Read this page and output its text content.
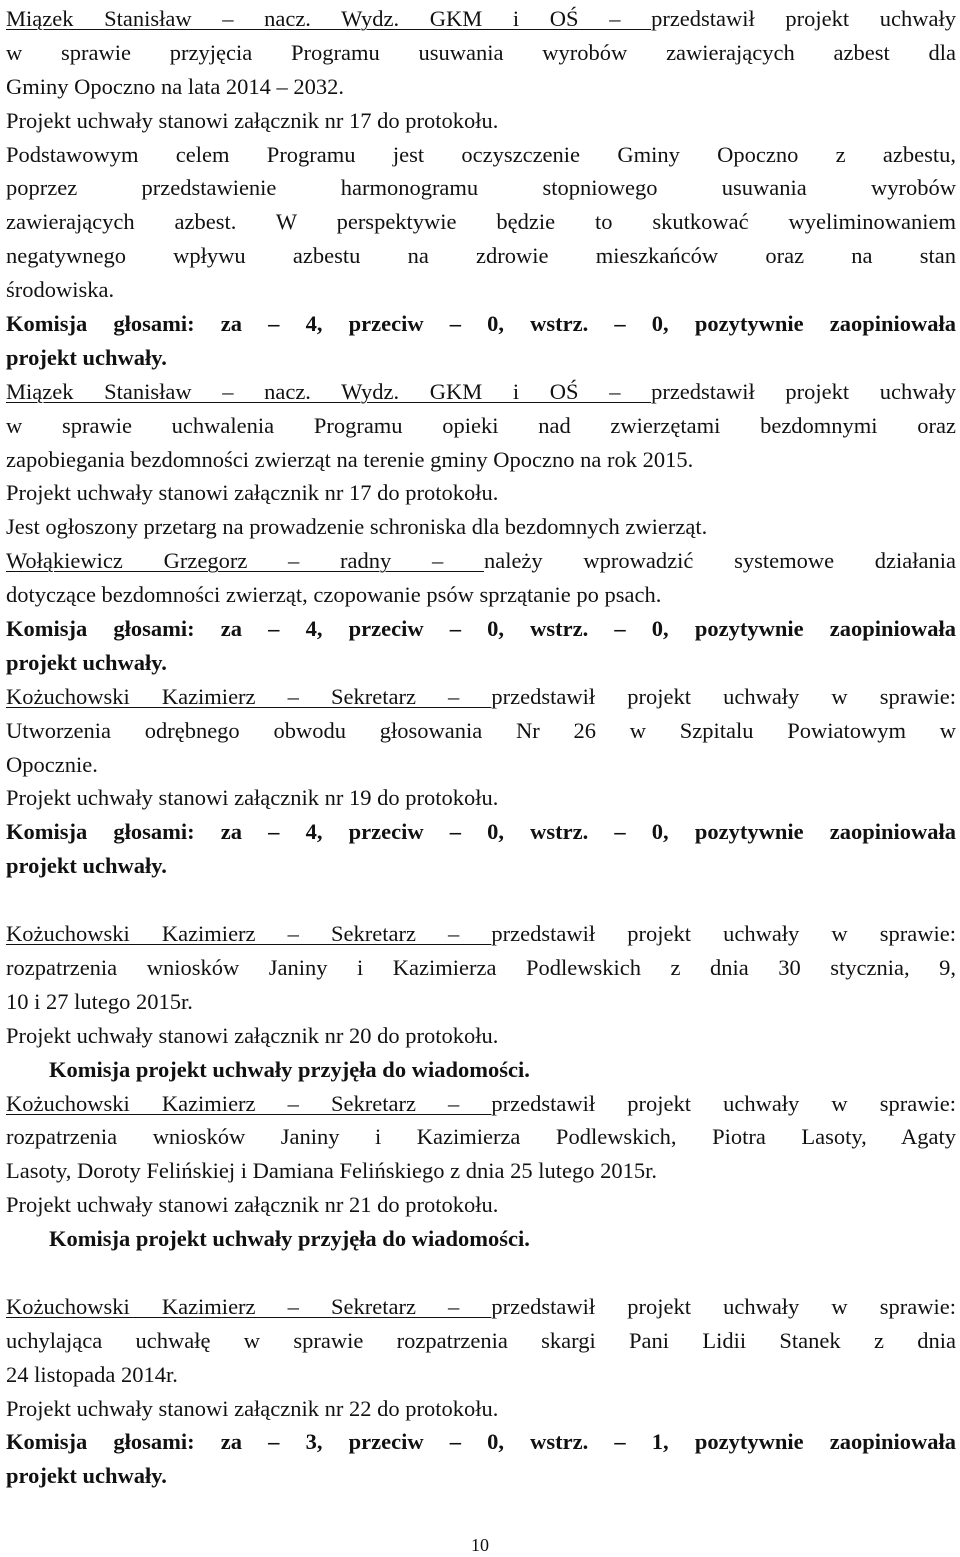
Miązek Stanisław – nacz. Wydz. GKM i OŚ – przedstawił projekt uchwały
w sprawie przyjęcia Programu usuwania wyrobów zawierających azbest dla
Gminy Opoczno na lata 2014 – 2032.
Projekt uchwały stanowi załącznik nr 17 do protokołu.
Podstawowym celem Programu jest oczyszczenie Gminy Opoczno z azbestu,
poprzez przedstawienie harmonogramu stopniowego usuwania wyrobów
zawierających azbest. W perspektywie będzie to skutkować wyeliminowaniem
negatywnego wpływu azbestu na zdrowie mieszkańców oraz na stan
środowiska.
Komisja głosami: za – 4, przeciw – 0, wstrz. – 0, pozytywnie zaopiniowała
projekt uchwały.
Miązek Stanisław – nacz. Wydz. GKM i OŚ – przedstawił projekt uchwały
w sprawie uchwalenia Programu opieki nad zwierzętami bezdomnymi oraz
zapobiegania bezdomności zwierząt na terenie gminy Opoczno na rok 2015.
Projekt uchwały stanowi załącznik nr 17 do protokołu.
Jest ogłoszony przetarg na prowadzenie schroniska dla bezdomnych zwierząt.
Wołąkiewicz Grzegorz – radny – należy wprowadzić systemowe działania
dotyczące bezdomności zwierząt, czopowanie psów sprzątanie po psach.
Komisja głosami: za – 4, przeciw – 0, wstrz. – 0, pozytywnie zaopiniowała
projekt uchwały.
Kożuchowski Kazimierz – Sekretarz – przedstawił projekt uchwały w sprawie:
Utworzenia odrębnego obwodu głosowania Nr 26 w Szpitalu Powiatowym w
Opocznie.
Projekt uchwały stanowi załącznik nr 19 do protokołu.
Komisja głosami: za – 4, przeciw – 0, wstrz. – 0, pozytywnie zaopiniowała
projekt uchwały.
Kożuchowski Kazimierz – Sekretarz – przedstawił projekt uchwały w sprawie:
rozpatrzenia wniosków Janiny i Kazimierza Podlewskich z dnia 30 stycznia, 9,
10 i 27 lutego 2015r.
Projekt uchwały stanowi załącznik nr 20 do protokołu.
Komisja projekt uchwały przyjęła do wiadomości.
Kożuchowski Kazimierz – Sekretarz – przedstawił projekt uchwały w sprawie:
rozpatrzenia wniosków Janiny i Kazimierza Podlewskich, Piotra Lasoty, Agaty
Lasoty, Doroty Felińskiej i Damiana Felińskiego z dnia 25 lutego 2015r.
Projekt uchwały stanowi załącznik nr 21 do protokołu.
Komisja projekt uchwały przyjęła do wiadomości.
Kożuchowski Kazimierz – Sekretarz – przedstawił projekt uchwały w sprawie:
uchylająca uchwałę w sprawie rozpatrzenia skargi Pani Lidii Stanek z dnia
24 listopada 2014r.
Projekt uchwały stanowi załącznik nr 22 do protokołu.
Komisja głosami: za – 3, przeciw – 0, wstrz. – 1, pozytywnie zaopiniowała
projekt uchwały.
10
